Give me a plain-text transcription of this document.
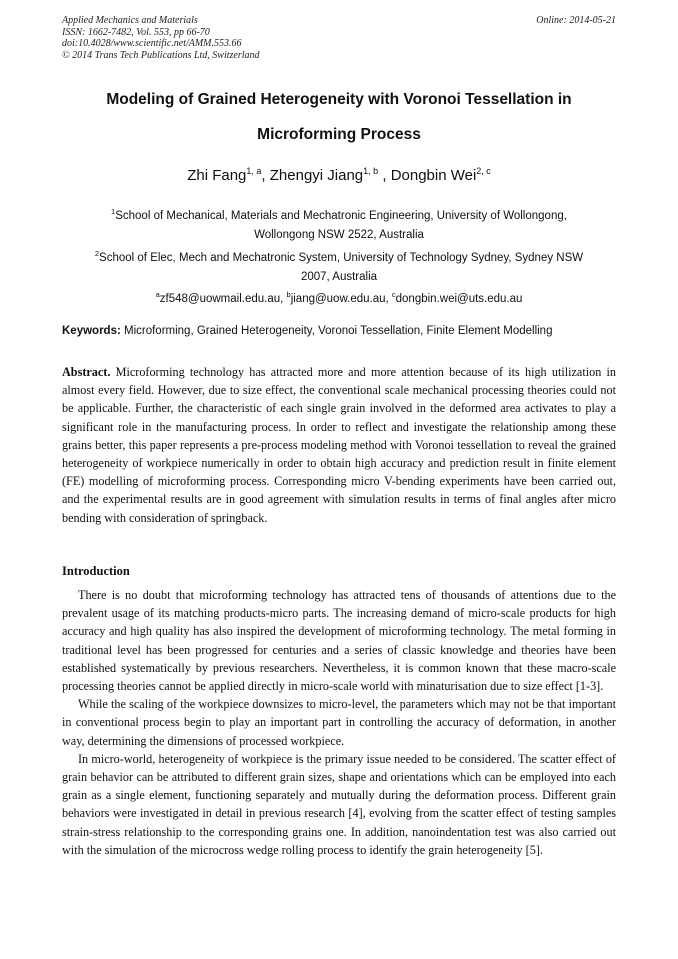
Applied Mechanics and Materials
ISSN: 1662-7482, Vol. 553, pp 66-70
doi:10.4028/www.scientific.net/AMM.553.66
© 2014 Trans Tech Publications Ltd, Switzerland
Online: 2014-05-21
Modeling of Grained Heterogeneity with Voronoi Tessellation in
Microforming Process
Zhi Fang$^{1, a}$, Zhengyi Jiang$^{1, b}$ , Dongbin Wei$^{2, c}$
$^1$School of Mechanical, Materials and Mechatronic Engineering, University of Wollongong,
Wollongong NSW 2522, Australia
$^2$School of Elec, Mech and Mechatronic System, University of Technology Sydney, Sydney NSW
2007, Australia
$^a$zf548@uowmail.edu.au, $^b$jiang@uow.edu.au, $^c$dongbin.wei@uts.edu.au
Keywords: Microforming, Grained Heterogeneity, Voronoi Tessellation, Finite Element Modelling
Abstract. Microforming technology has attracted more and more attention because of its high utilization in almost every field. However, due to size effect, the conventional scale mechanical processing theories could not be applicable. Further, the characteristic of each single grain involved in the deformed area activates to play a significant role in the manufacturing process. In order to reflect and investigate the relationship among these grains better, this paper represents a pre-process modeling method with Voronoi tessellation to reveal the grained heterogeneity of workpiece numerically in order to obtain high accuracy and prediction result in finite element (FE) modelling of microforming process. Corresponding micro V-bending experiments have been carried out, and the experimental results are in good agreement with simulation results in terms of final angles after micro bending with consideration of springback.
Introduction

There is no doubt that microforming technology has attracted tens of thousands of attentions due to the prevalent usage of its matching products-micro parts. The increasing demand of micro-scale products for high accuracy and high quality has also inspired the development of microforming technology. The metal forming in traditional level has been progressed for centuries and a series of classic knowledge and theories have been established systematically by previous researchers. Nevertheless, it is common known that these macro-scale processing theories cannot be applied directly in micro-scale world with minaturisation due to size effect [1-3].

While the scaling of the workpiece downsizes to micro-level, the parameters which may not be that important in conventional process begin to play an important part in controlling the accuracy of deformation, in another way, determining the dimensions of processed workpiece.

In micro-world, heterogeneity of workpiece is the primary issue needed to be considered. The scatter effect of grain behavior can be attributed to different grain sizes, shape and orientations which can be employed into each grain as a single element, functioning separately and mutually during the deformation process. Different grain behaviors were investigated in detail in previous research [4], evolving from the scatter effect of testing samples strain-stress relationship to the corresponding grains one. In addition, nanoindentation test was also carried out with the simulation of the microcross wedge rolling process to identify the grain heterogeneity [5].
